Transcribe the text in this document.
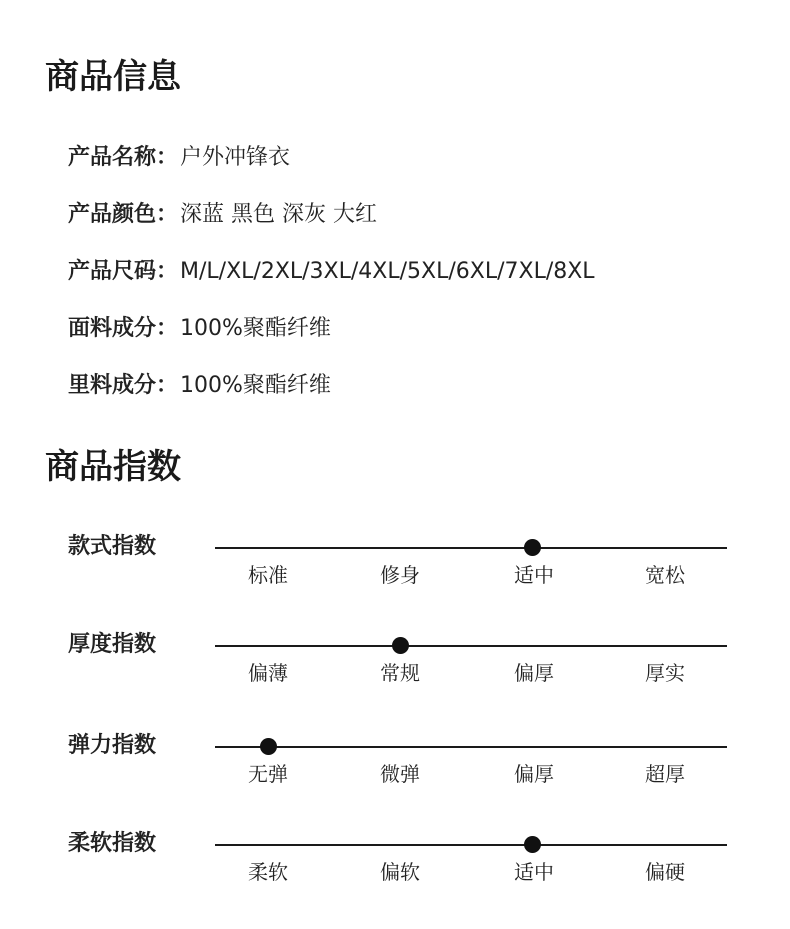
商品信息
产品名称： 户外冲锋衣
产品颜色： 深蓝 黑色 深灰 大红
产品尺码： M/L/XL/2XL/3XL/4XL/5XL/6XL/7XL/8XL
面料成分： 100%聚酯纤维
里料成分： 100%聚酯纤维
商品指数
款式指数
标准	修身	适中	宽松
厚度指数
偏薄	常规	偏厚	厚实
弹力指数
无弹	微弹	偏厚	超厚
柔软指数
柔软	偏软	适中	偏硬
